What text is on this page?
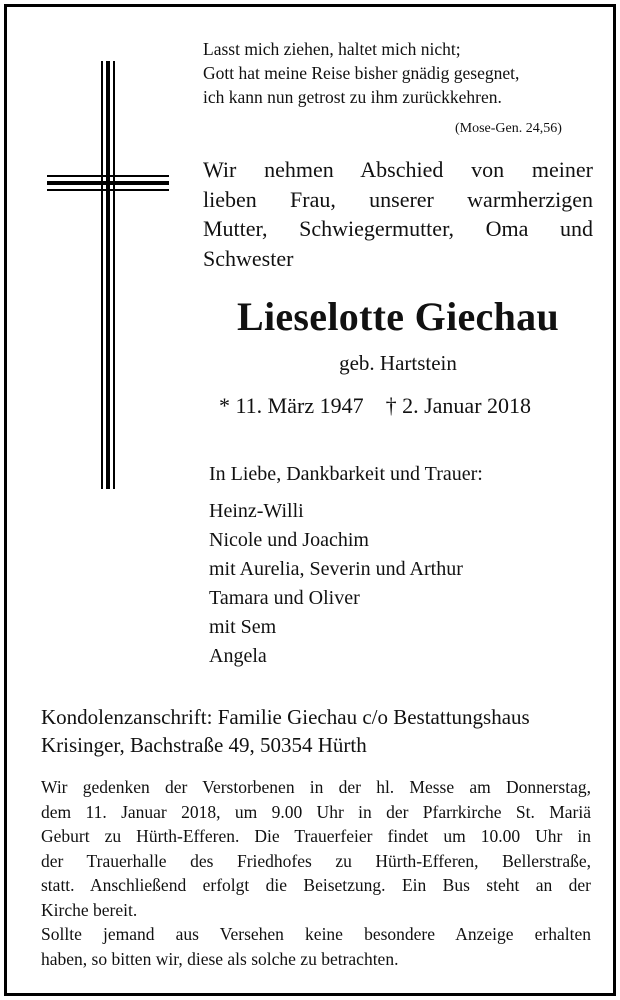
Lasst mich ziehen, haltet mich nicht;
Gott hat meine Reise bisher gnädig gesegnet,
ich kann nun getrost zu ihm zurückkehren.
(Mose-Gen. 24,56)
Wir nehmen Abschied von meiner
lieben Frau, unserer warmherzigen
Mutter, Schwiegermutter, Oma und
Schwester
Lieselotte Giechau
geb. Hartstein
* 11. März 1947 † 2. Januar 2018
In Liebe, Dankbarkeit und Trauer:
Heinz-Willi
Nicole und Joachim
mit Aurelia, Severin und Arthur
Tamara und Oliver
mit Sem
Angela
Kondolenzanschrift: Familie Giechau c/o Bestattungshaus
Krisinger, Bachstraße 49, 50354 Hürth
Wir gedenken der Verstorbenen in der hl. Messe am Donnerstag,
dem 11. Januar 2018, um 9.00 Uhr in der Pfarrkirche St. Mariä
Geburt zu Hürth-Efferen. Die Trauerfeier findet um 10.00 Uhr in
der Trauerhalle des Friedhofes zu Hürth-Efferen, Bellerstraße,
statt. Anschließend erfolgt die Beisetzung. Ein Bus steht an der
Kirche bereit.
Sollte jemand aus Versehen keine besondere Anzeige erhalten
haben, so bitten wir, diese als solche zu betrachten.
